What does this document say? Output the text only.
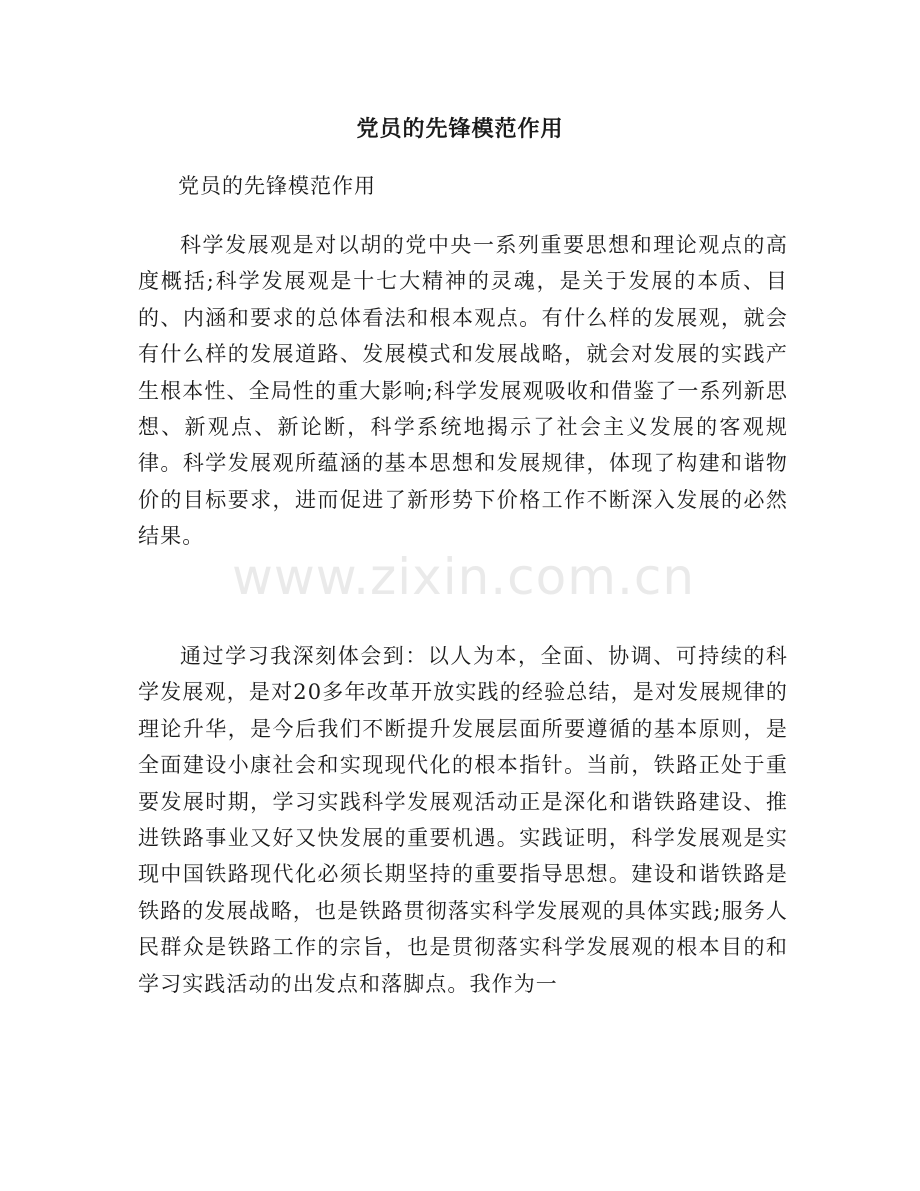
党员的先锋模范作用

党员的先锋模范作用

科学发展观是对以胡的党中央一系列重要思想和理论观点的高度概括;科学发展观是十七大精神的灵魂，是关于发展的本质、目的、内涵和要求的总体看法和根本观点。有什么样的发展观，就会有什么样的发展道路、发展模式和发展战略，就会对发展的实践产生根本性、全局性的重大影响;科学发展观吸收和借鉴了一系列新思想、新观点、新论断，科学系统地揭示了社会主义发展的客观规律。科学发展观所蕴涵的基本思想和发展规律，体现了构建和谐物价的目标要求，进而促进了新形势下价格工作不断深入发展的必然结果。

通过学习我深刻体会到：以人为本，全面、协调、可持续的科学发展观，是对20多年改革开放实践的经验总结，是对发展规律的理论升华，是今后我们不断提升发展层面所要遵循的基本原则，是全面建设小康社会和实现现代化的根本指针。当前，铁路正处于重要发展时期，学习实践科学发展观活动正是深化和谐铁路建设、推进铁路事业又好又快发展的重要机遇。实践证明，科学发展观是实现中国铁路现代化必须长期坚持的重要指导思想。建设和谐铁路是铁路的发展战略，也是铁路贯彻落实科学发展观的具体实践;服务人民群众是铁路工作的宗旨，也是贯彻落实科学发展观的根本目的和学习实践活动的出发点和落脚点。我作为一

www.zixin.com.cn
